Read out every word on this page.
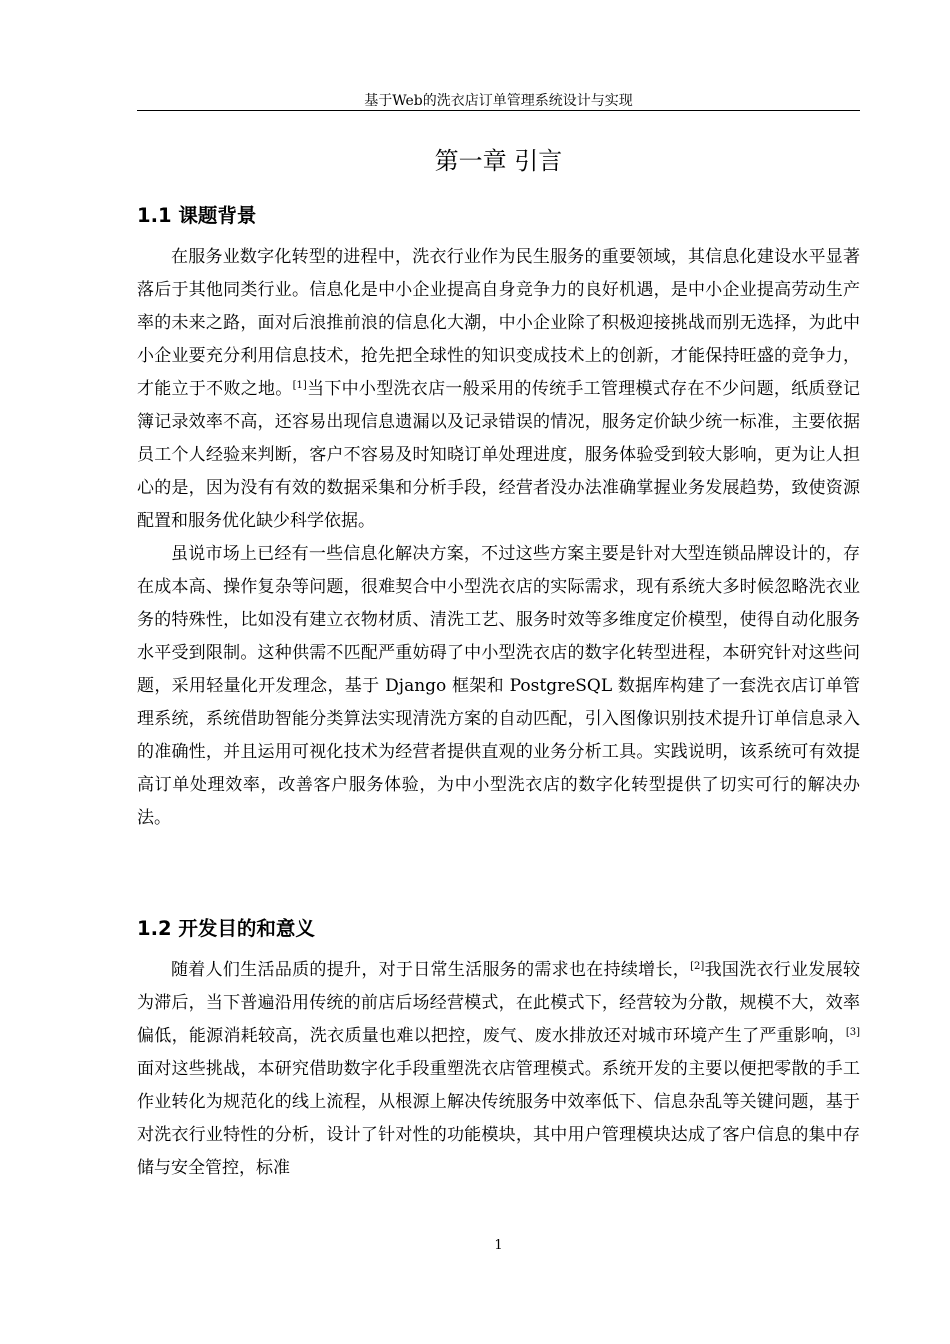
基于Web的洗衣店订单管理系统设计与实现
第一章 引言
1.1 课题背景

在服务业数字化转型的进程中，洗衣行业作为民生服务的重要领域，其信息化建设水平显著落后于其他同类行业。信息化是中小企业提高自身竞争力的良好机遇，是中小企业提高劳动生产率的未来之路，面对后浪推前浪的信息化大潮，中小企业除了积极迎接挑战而别无选择，为此中小企业要充分利用信息技术，抢先把全球性的知识变成技术上的创新，才能保持旺盛的竞争力，才能立于不败之地。[1]当下中小型洗衣店一般采用的传统手工管理模式存在不少问题，纸质登记簿记录效率不高，还容易出现信息遗漏以及记录错误的情况，服务定价缺少统一标准，主要依据员工个人经验来判断，客户不容易及时知晓订单处理进度，服务体验受到较大影响，更为让人担心的是，因为没有有效的数据采集和分析手段，经营者没办法准确掌握业务发展趋势，致使资源配置和服务优化缺少科学依据。

虽说市场上已经有一些信息化解决方案，不过这些方案主要是针对大型连锁品牌设计的，存在成本高、操作复杂等问题，很难契合中小型洗衣店的实际需求，现有系统大多时候忽略洗衣业务的特殊性，比如没有建立衣物材质、清洗工艺、服务时效等多维度定价模型，使得自动化服务水平受到限制。这种供需不匹配严重妨碍了中小型洗衣店的数字化转型进程，本研究针对这些问题，采用轻量化开发理念，基于 Django 框架和 PostgreSQL 数据库构建了一套洗衣店订单管理系统，系统借助智能分类算法实现清洗方案的自动匹配，引入图像识别技术提升订单信息录入的准确性，并且运用可视化技术为经营者提供直观的业务分析工具。实践说明，该系统可有效提高订单处理效率，改善客户服务体验，为中小型洗衣店的数字化转型提供了切实可行的解决办法。

1.2 开发目的和意义

随着人们生活品质的提升，对于日常生活服务的需求也在持续增长，[2]我国洗衣行业发展较为滞后，当下普遍沿用传统的前店后场经营模式，在此模式下，经营较为分散，规模不大，效率偏低，能源消耗较高，洗衣质量也难以把控，废气、废水排放还对城市环境产生了严重影响，[3]面对这些挑战，本研究借助数字化手段重塑洗衣店管理模式。系统开发的主要以便把零散的手工作业转化为规范化的线上流程，从根源上解决传统服务中效率低下、信息杂乱等关键问题，基于对洗衣行业特性的分析，设计了针对性的功能模块，其中用户管理模块达成了客户信息的集中存储与安全管控，标准

1
